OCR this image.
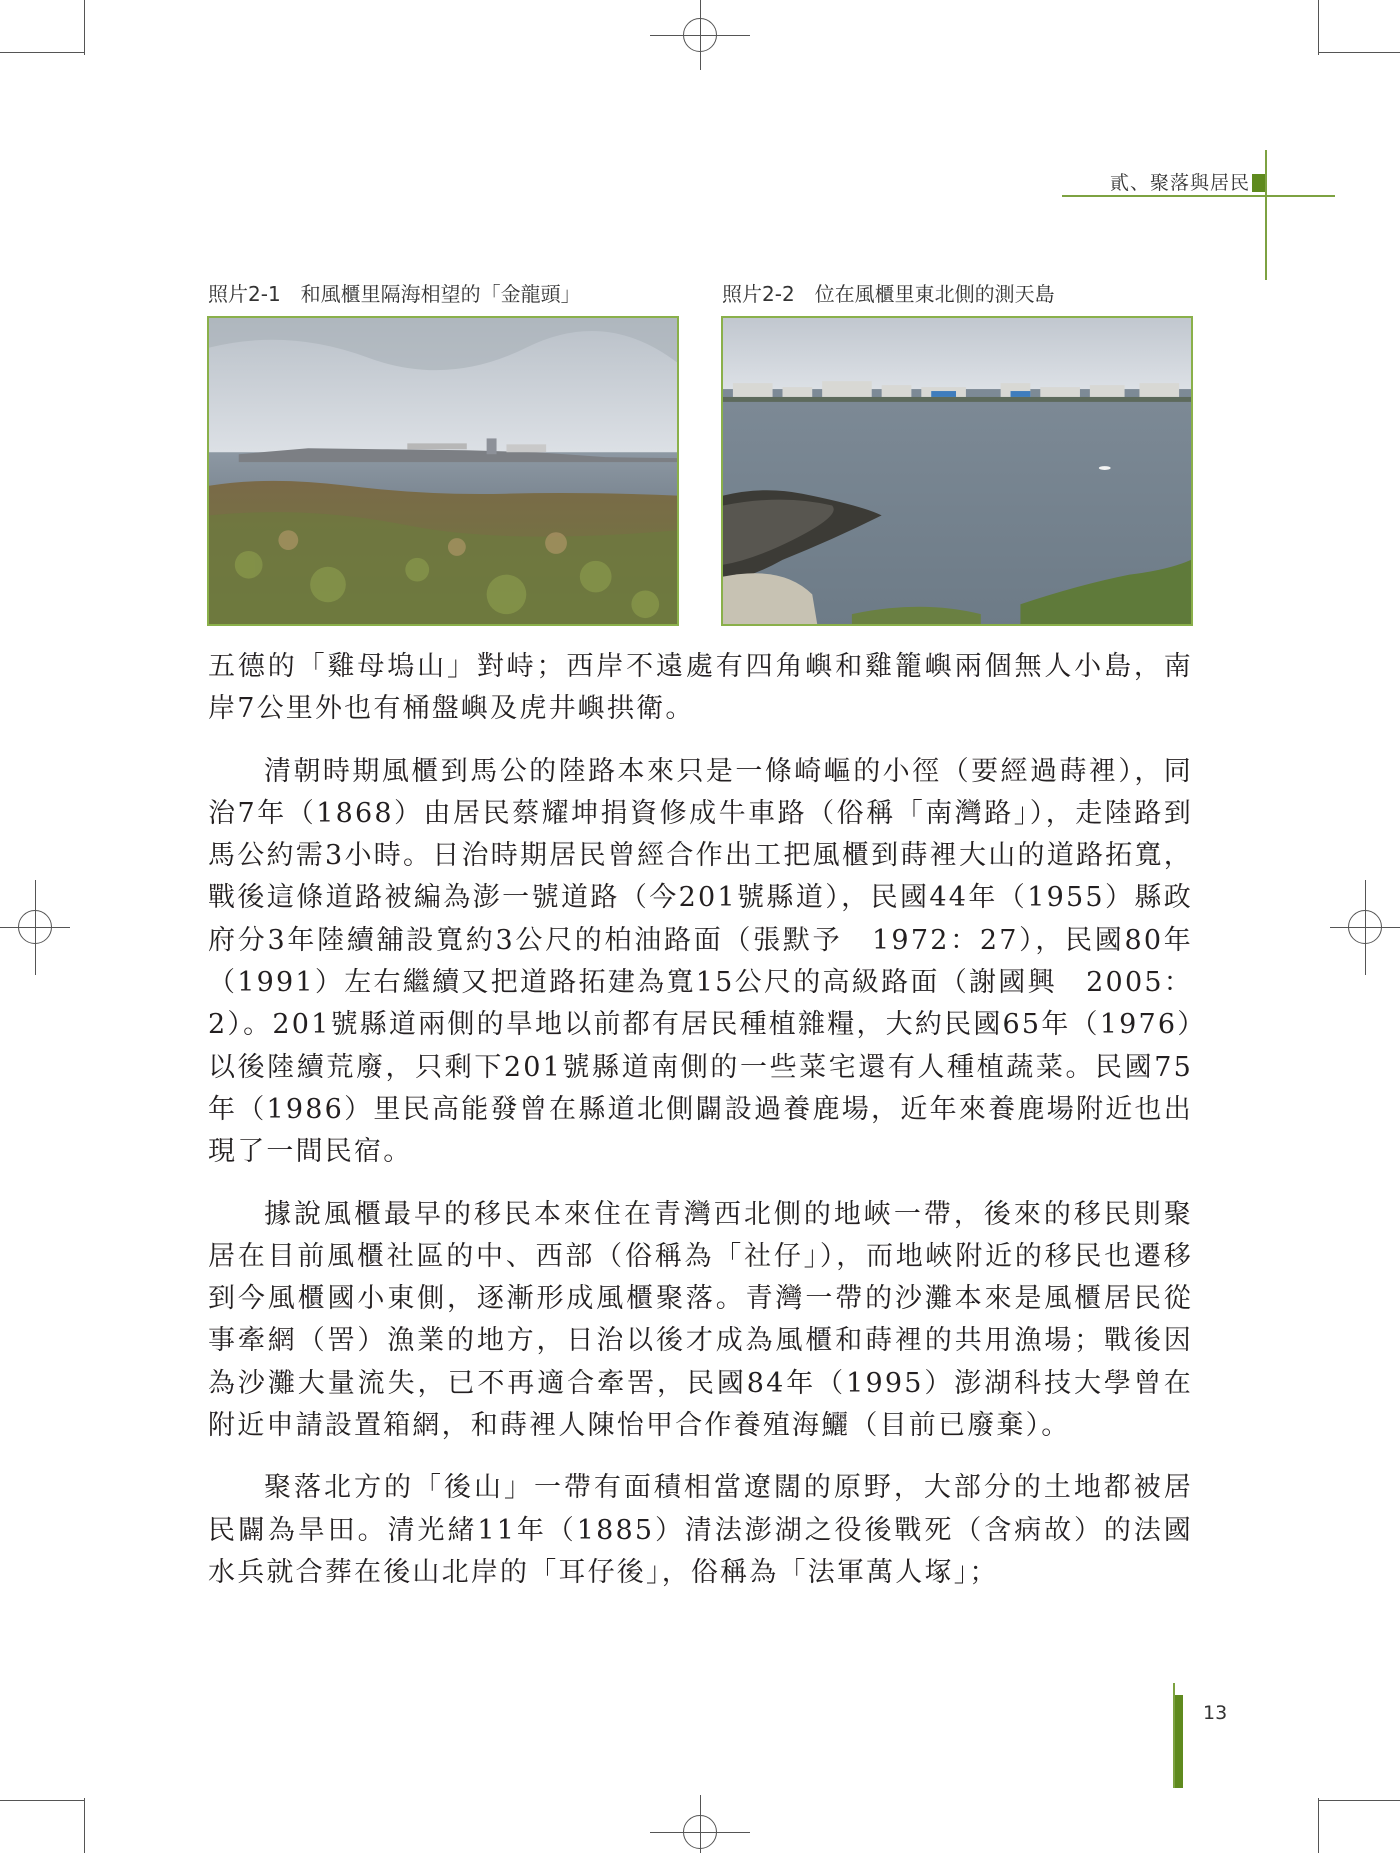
貳、聚落與居民
照片2-1　和風櫃里隔海相望的「金龍頭」	照片2-2　位在風櫃里東北側的測天島

五德的「雞母塢山」對峙；西岸不遠處有四角嶼和雞籠嶼兩個無人小島，南岸7公里外也有桶盤嶼及虎井嶼拱衛。

清朝時期風櫃到馬公的陸路本來只是一條崎嶇的小徑（要經過蒔裡），同治7年（1868）由居民蔡耀坤捐資修成牛車路（俗稱「南灣路」），走陸路到馬公約需3小時。日治時期居民曾經合作出工把風櫃到蒔裡大山的道路拓寬，戰後這條道路被編為澎一號道路（今201號縣道），民國44年（1955）縣政府分3年陸續舖設寬約3公尺的柏油路面（張默予　1972：27），民國80年（1991）左右繼續又把道路拓建為寬15公尺的高級路面（謝國興　2005：2）。201號縣道兩側的旱地以前都有居民種植雜糧，大約民國65年（1976）以後陸續荒廢，只剩下201號縣道南側的一些菜宅還有人種植蔬菜。民國75年（1986）里民高能發曾在縣道北側闢設過養鹿場，近年來養鹿場附近也出現了一間民宿。

據說風櫃最早的移民本來住在青灣西北側的地峽一帶，後來的移民則聚居在目前風櫃社區的中、西部（俗稱為「社仔」），而地峽附近的移民也遷移到今風櫃國小東側，逐漸形成風櫃聚落。青灣一帶的沙灘本來是風櫃居民從事牽網（罟）漁業的地方，日治以後才成為風櫃和蒔裡的共用漁場；戰後因為沙灘大量流失，已不再適合牽罟，民國84年（1995）澎湖科技大學曾在附近申請設置箱網，和蒔裡人陳怡甲合作養殖海鱺（目前已廢棄）。

聚落北方的「後山」一帶有面積相當遼闊的原野，大部分的土地都被居民闢為旱田。清光緒11年（1885）清法澎湖之役後戰死（含病故）的法國水兵就合葬在後山北岸的「耳仔後」，俗稱為「法軍萬人塚」；

13
